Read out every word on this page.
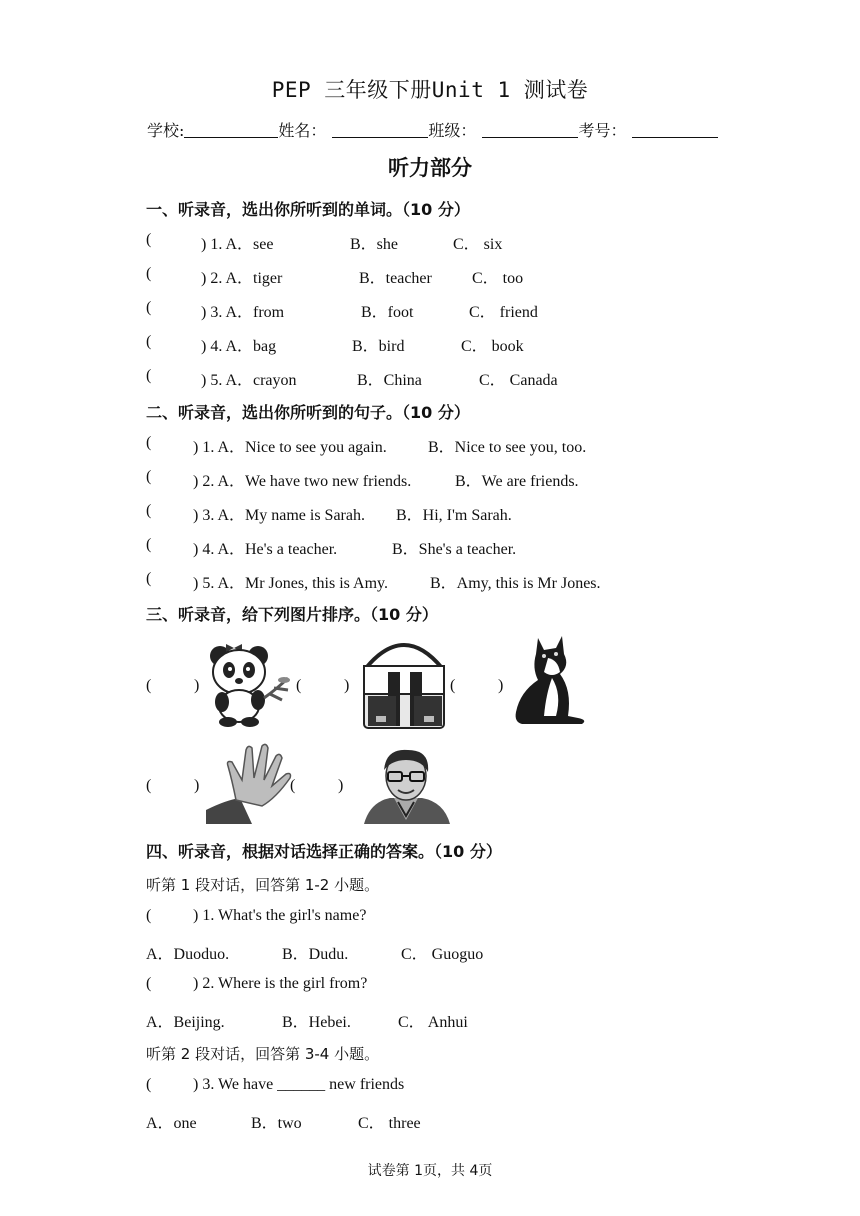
PEP 三年级下册Unit 1 测试卷
学校:	姓名：	班级：	考号：
听力部分
一、听录音，选出你所听到的单词。（10 分）
(	) 1. A．see	B．she	C． six
(	) 2. A．tiger	B．teacher	C． too
(	) 3. A．from	B．foot	C． friend
(	) 4. A．bag	B．bird	C． book
(	) 5. A．crayon	B．China	C． Canada
二、听录音，选出你所听到的句子。（10 分）
(	) 1. A．Nice to see you again.	B．Nice to see you, too.
(	) 2. A．We have two new friends.	B．We are friends.
(	) 3. A．My name is Sarah. B．Hi, I'm Sarah.
(	) 4. A．He's a teacher.	B．She's a teacher.
(	) 5. A．Mr Jones, this is Amy.	B．Amy, this is Mr Jones.
三、听录音，给下列图片排序。（10 分）
(	)	(	)	(	)
(	)	(	)
四、听录音，根据对话选择正确的答案。（10 分）
听第 1 段对话，回答第 1-2 小题。
(	) 1. What's the girl's name?
A．Duoduo.	B．Dudu.	C． Guoguo
(	) 2. Where is the girl from?
A．Beijing.	B．Hebei.	C． Anhui
听第 2 段对话，回答第 3-4 小题。
(	) 3. We have ______ new friends
A．one	B．two	C． three
试卷第 1页，共 4页
